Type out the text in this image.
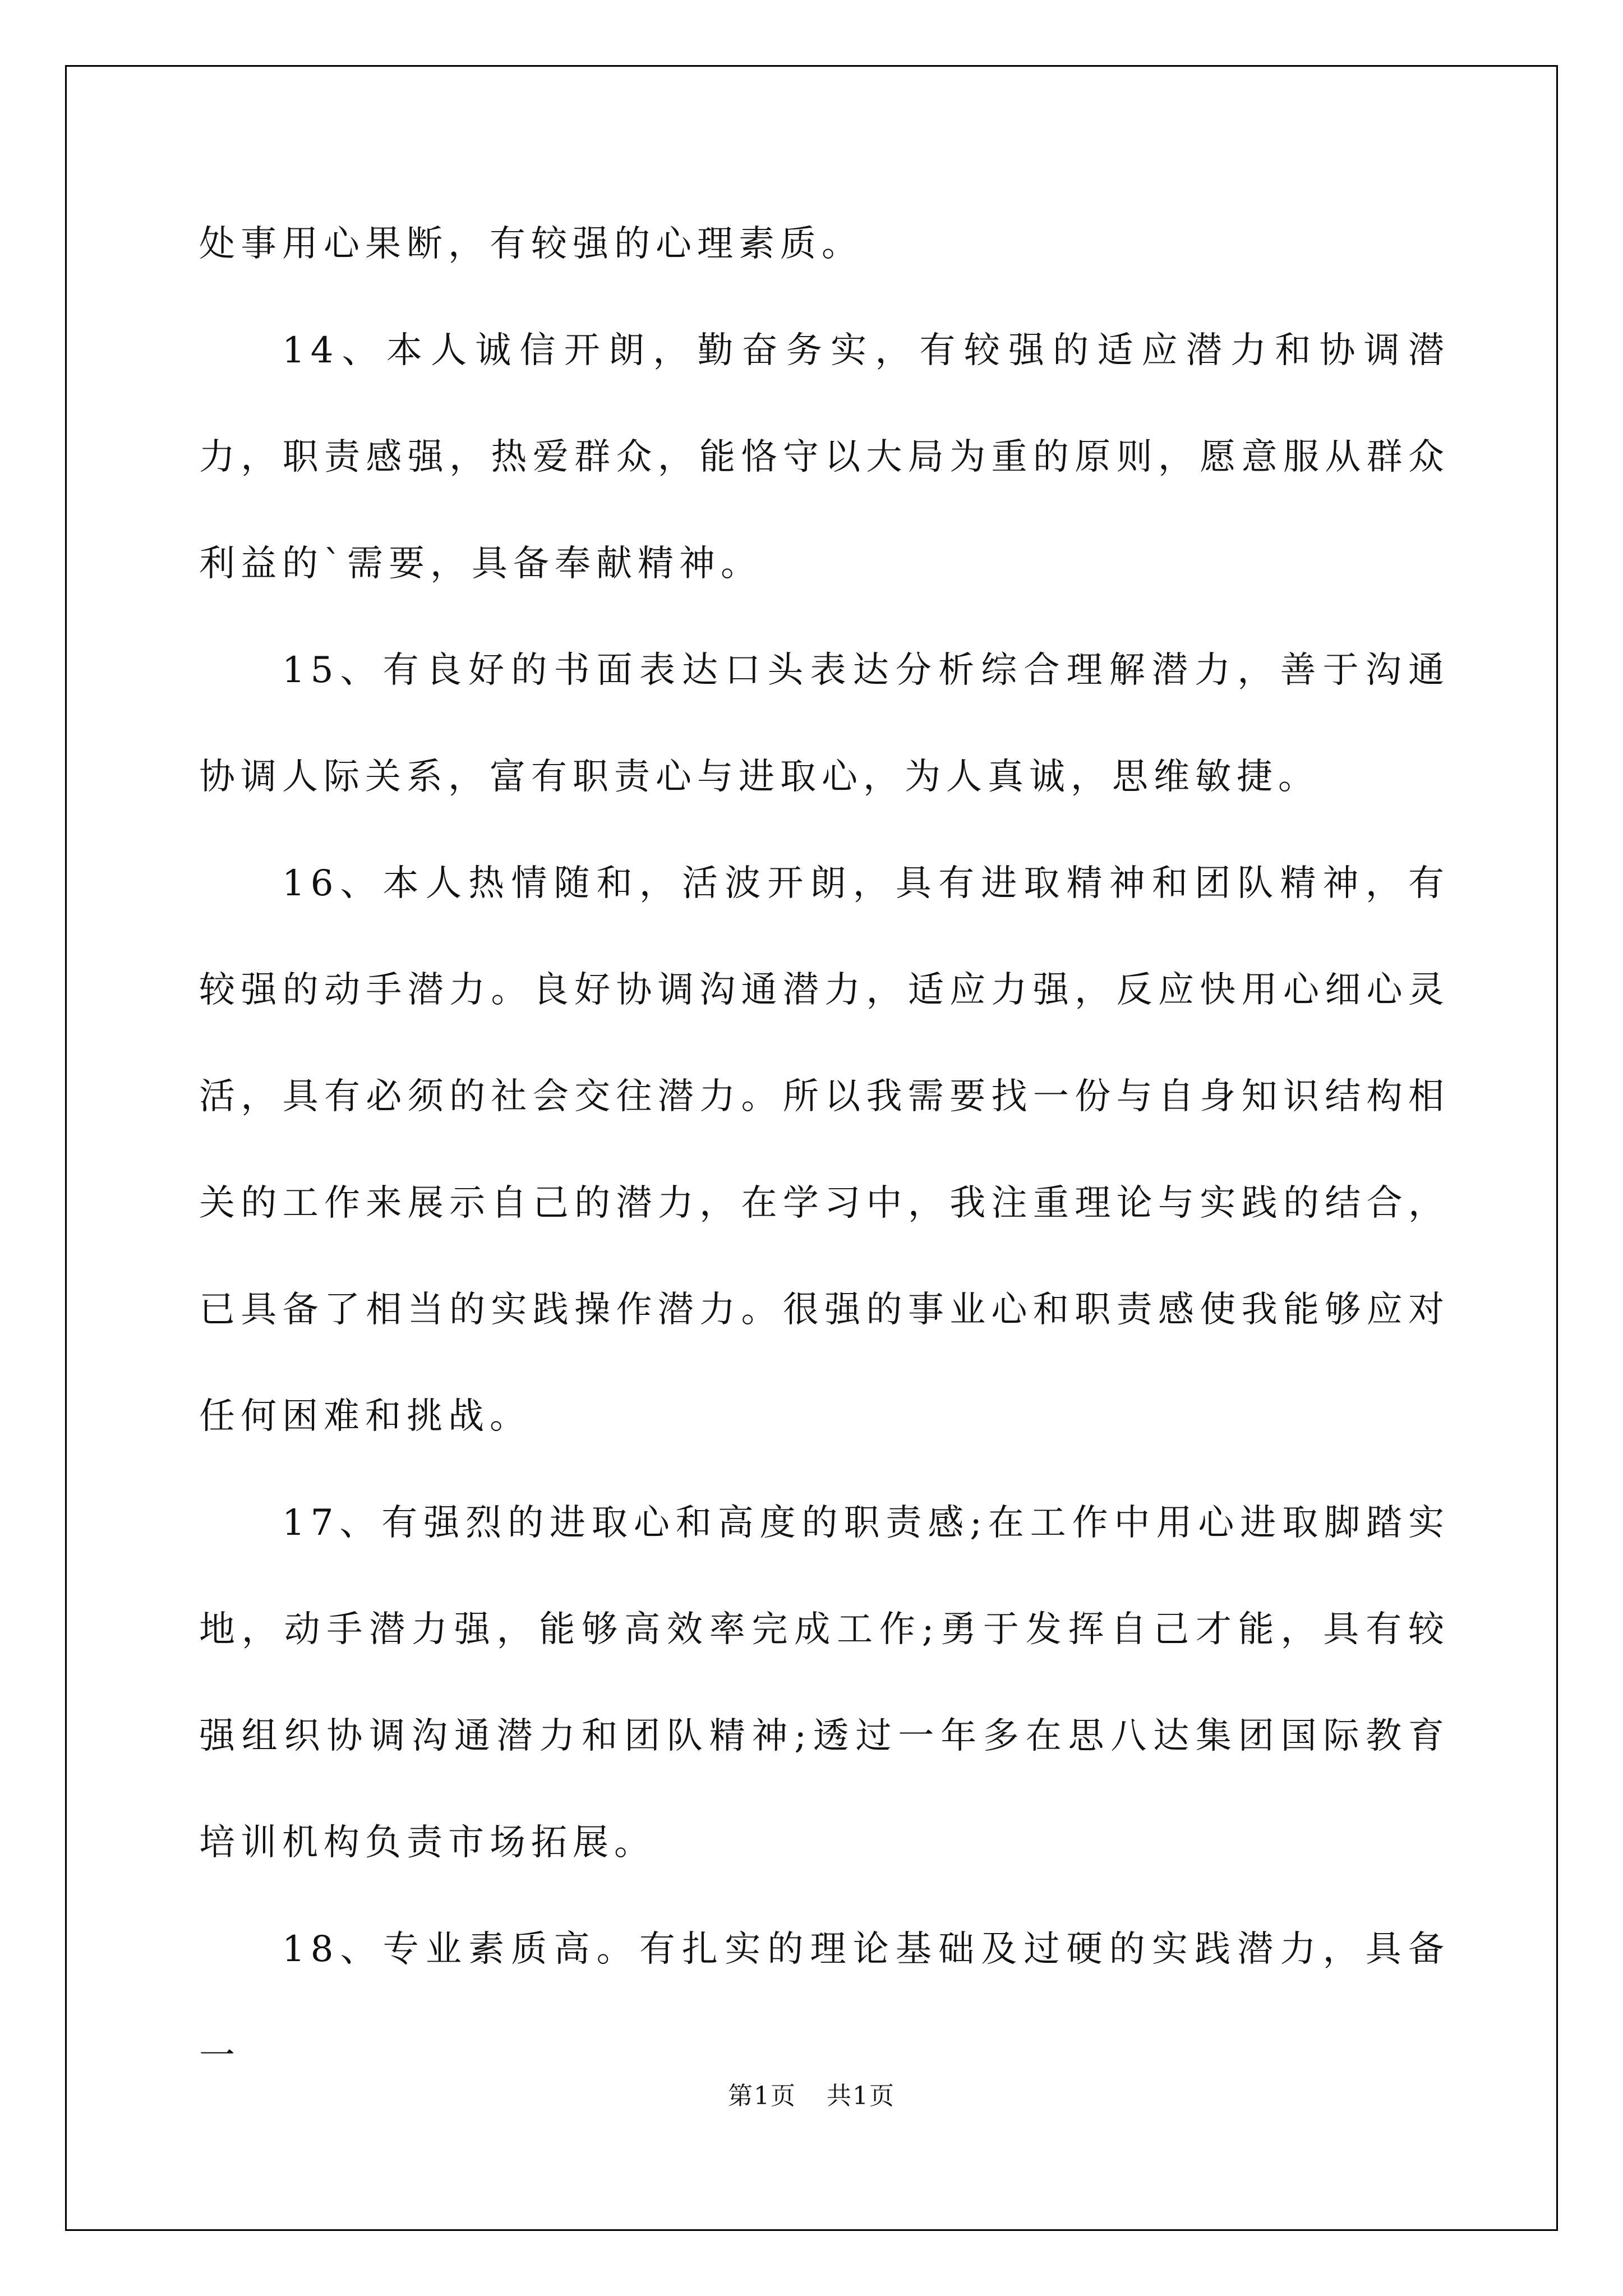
处事用心果断，有较强的心理素质。

14、本人诚信开朗，勤奋务实，有较强的适应潜力和协调潜力，职责感强，热爱群众，能恪守以大局为重的原则，愿意服从群众利益的`需要，具备奉献精神。

15、有良好的书面表达口头表达分析综合理解潜力，善于沟通协调人际关系，富有职责心与进取心，为人真诚，思维敏捷。

16、本人热情随和，活波开朗，具有进取精神和团队精神，有较强的动手潜力。良好协调沟通潜力，适应力强，反应快用心细心灵活，具有必须的社会交往潜力。所以我需要找一份与自身知识结构相关的工作来展示自己的潜力，在学习中，我注重理论与实践的结合，已具备了相当的实践操作潜力。很强的事业心和职责感使我能够应对任何困难和挑战。

17、有强烈的进取心和高度的职责感;在工作中用心进取脚踏实地，动手潜力强，能够高效率完成工作;勇于发挥自己才能，具有较强组织协调沟通潜力和团队精神;透过一年多在思八达集团国际教育培训机构负责市场拓展。

18、专业素质高。有扎实的理论基础及过硬的实践潜力，具备一

第1页 共1页
